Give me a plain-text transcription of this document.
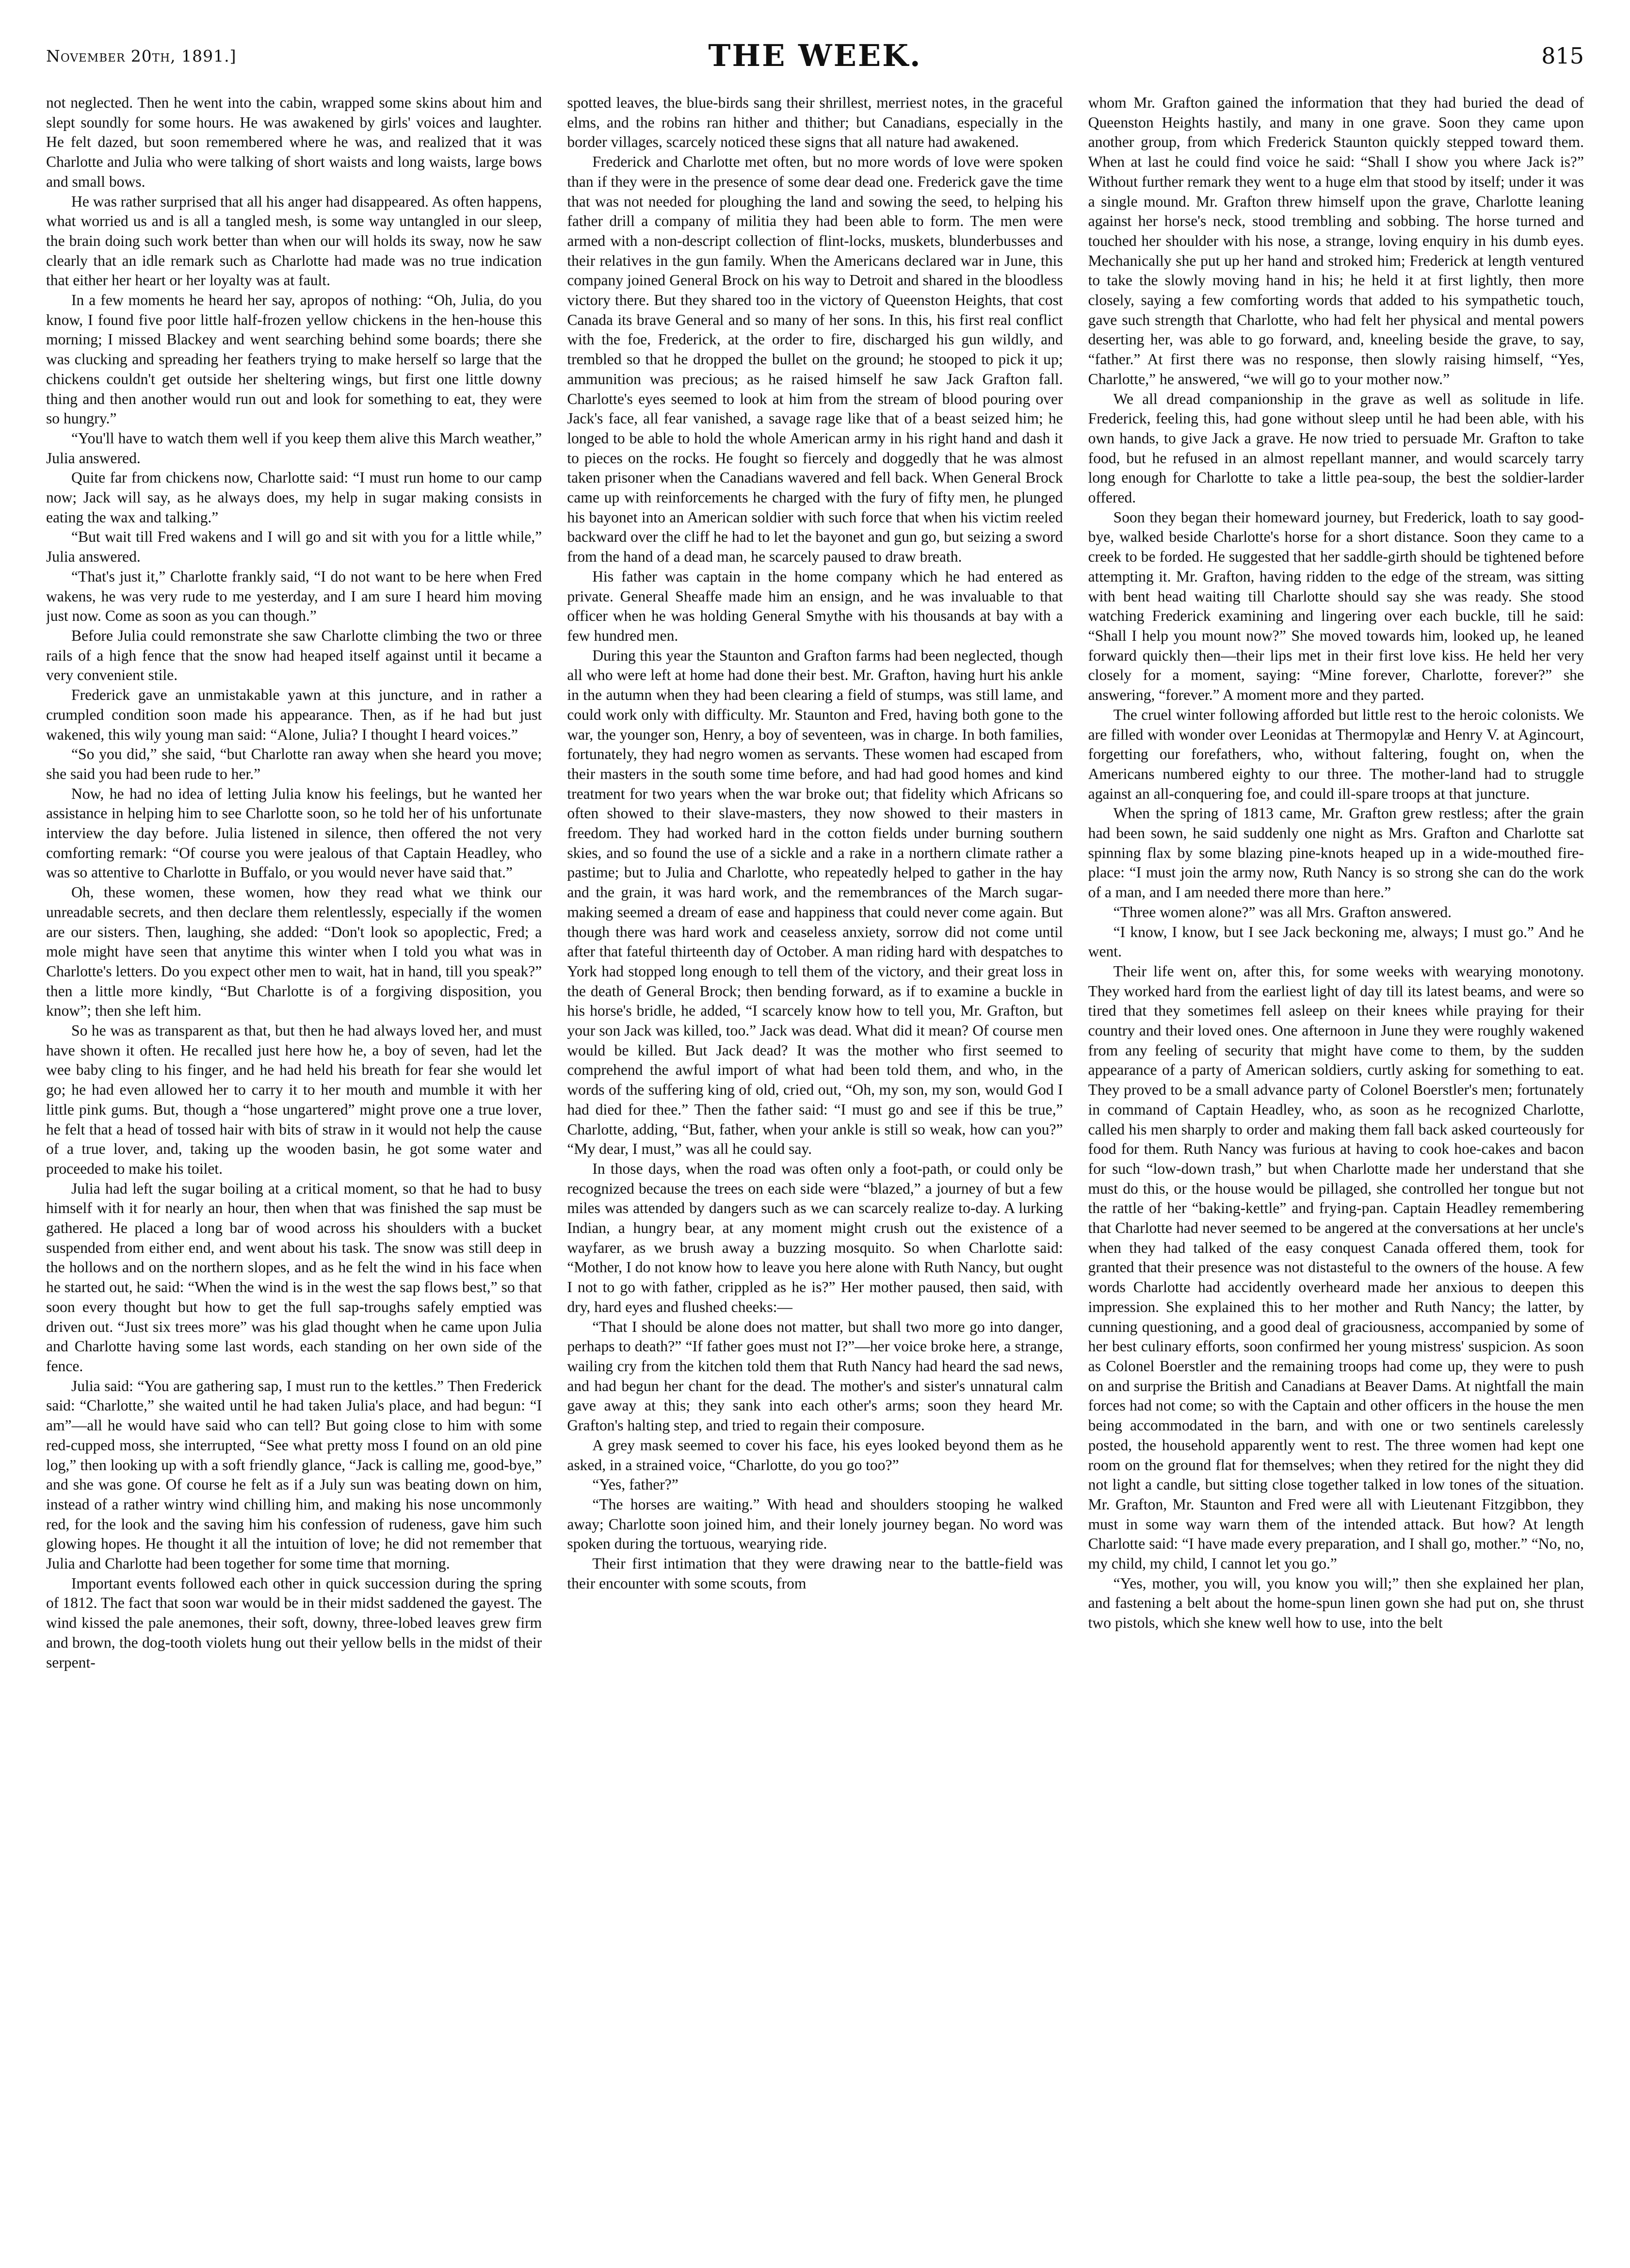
November 20th, 1891.]	THE WEEK.	815

not neglected. Then he went into the cabin, wrapped some skins about him and slept soundly for some hours. He was awakened by girls' voices and laughter. He felt dazed, but soon remembered where he was, and realized that it was Charlotte and Julia who were talking of short waists and long waists, large bows and small bows.

He was rather surprised that all his anger had disappeared. As often happens, what worried us and is all a tangled mesh, is some way untangled in our sleep, the brain doing such work better than when our will holds its sway, now he saw clearly that an idle remark such as Charlotte had made was no true indication that either her heart or her loyalty was at fault.

In a few moments he heard her say, apropos of nothing: “Oh, Julia, do you know, I found five poor little half-frozen yellow chickens in the hen-house this morning; I missed Blackey and went searching behind some boards; there she was clucking and spreading her feathers trying to make herself so large that the chickens couldn't get outside her sheltering wings, but first one little downy thing and then another would run out and look for something to eat, they were so hungry.”

“You'll have to watch them well if you keep them alive this March weather,” Julia answered.

Quite far from chickens now, Charlotte said: “I must run home to our camp now; Jack will say, as he always does, my help in sugar making consists in eating the wax and talking.”

“But wait till Fred wakens and I will go and sit with you for a little while,” Julia answered.

“That's just it,” Charlotte frankly said, “I do not want to be here when Fred wakens, he was very rude to me yesterday, and I am sure I heard him moving just now. Come as soon as you can though.”

Before Julia could remonstrate she saw Charlotte climbing the two or three rails of a high fence that the snow had heaped itself against until it became a very convenient stile.

Frederick gave an unmistakable yawn at this juncture, and in rather a crumpled condition soon made his appearance. Then, as if he had but just wakened, this wily young man said: “Alone, Julia? I thought I heard voices.”

“So you did,” she said, “but Charlotte ran away when she heard you move; she said you had been rude to her.”

Now, he had no idea of letting Julia know his feelings, but he wanted her assistance in helping him to see Charlotte soon, so he told her of his unfortunate interview the day before. Julia listened in silence, then offered the not very comforting remark: “Of course you were jealous of that Captain Headley, who was so attentive to Charlotte in Buffalo, or you would never have said that.”

Oh, these women, these women, how they read what we think our unreadable secrets, and then declare them relentlessly, especially if the women are our sisters. Then, laughing, she added: “Don't look so apoplectic, Fred; a mole might have seen that anytime this winter when I told you what was in Charlotte's letters. Do you expect other men to wait, hat in hand, till you speak?” then a little more kindly, “But Charlotte is of a forgiving disposition, you know”; then she left him.

So he was as transparent as that, but then he had always loved her, and must have shown it often. He recalled just here how he, a boy of seven, had let the wee baby cling to his finger, and he had held his breath for fear she would let go; he had even allowed her to carry it to her mouth and mumble it with her little pink gums. But, though a “hose ungartered” might prove one a true lover, he felt that a head of tossed hair with bits of straw in it would not help the cause of a true lover, and, taking up the wooden basin, he got some water and proceeded to make his toilet.

Julia had left the sugar boiling at a critical moment, so that he had to busy himself with it for nearly an hour, then when that was finished the sap must be gathered. He placed a long bar of wood across his shoulders with a bucket suspended from either end, and went about his task. The snow was still deep in the hollows and on the northern slopes, and as he felt the wind in his face when he started out, he said: “When the wind is in the west the sap flows best,” so that soon every thought but how to get the full sap-troughs safely emptied was driven out. “Just six trees more” was his glad thought when he came upon Julia and Charlotte having some last words, each standing on her own side of the fence.

Julia said: “You are gathering sap, I must run to the kettles.” Then Frederick said: “Charlotte,” she waited until he had taken Julia's place, and had begun: “I am”—all he would have said who can tell? But going close to him with some red-cupped moss, she interrupted, “See what pretty moss I found on an old pine log,” then looking up with a soft friendly glance, “Jack is calling me, good-bye,” and she was gone. Of course he felt as if a July sun was beating down on him, instead of a rather wintry wind chilling him, and making his nose uncommonly red, for the look and the saving him his confession of rudeness, gave him such glowing hopes. He thought it all the intuition of love; he did not remember that Julia and Charlotte had been together for some time that morning.

Important events followed each other in quick succession during the spring of 1812. The fact that soon war would be in their midst saddened the gayest. The wind kissed the pale anemones, their soft, downy, three-lobed leaves grew firm and brown, the dog-tooth violets hung out their yellow bells in the midst of their serpent-

spotted leaves, the blue-birds sang their shrillest, merriest notes, in the graceful elms, and the robins ran hither and thither; but Canadians, especially in the border villages, scarcely noticed these signs that all nature had awakened.

Frederick and Charlotte met often, but no more words of love were spoken than if they were in the presence of some dear dead one. Frederick gave the time that was not needed for ploughing the land and sowing the seed, to helping his father drill a company of militia they had been able to form. The men were armed with a non-descript collection of flint-locks, muskets, blunderbusses and their relatives in the gun family. When the Americans declared war in June, this company joined General Brock on his way to Detroit and shared in the bloodless victory there. But they shared too in the victory of Queenston Heights, that cost Canada its brave General and so many of her sons. In this, his first real conflict with the foe, Frederick, at the order to fire, discharged his gun wildly, and trembled so that he dropped the bullet on the ground; he stooped to pick it up; ammunition was precious; as he raised himself he saw Jack Grafton fall. Charlotte's eyes seemed to look at him from the stream of blood pouring over Jack's face, all fear vanished, a savage rage like that of a beast seized him; he longed to be able to hold the whole American army in his right hand and dash it to pieces on the rocks. He fought so fiercely and doggedly that he was almost taken prisoner when the Canadians wavered and fell back. When General Brock came up with reinforcements he charged with the fury of fifty men, he plunged his bayonet into an American soldier with such force that when his victim reeled backward over the cliff he had to let the bayonet and gun go, but seizing a sword from the hand of a dead man, he scarcely paused to draw breath.

His father was captain in the home company which he had entered as private. General Sheaffe made him an ensign, and he was invaluable to that officer when he was holding General Smythe with his thousands at bay with a few hundred men.

During this year the Staunton and Grafton farms had been neglected, though all who were left at home had done their best. Mr. Grafton, having hurt his ankle in the autumn when they had been clearing a field of stumps, was still lame, and could work only with difficulty. Mr. Staunton and Fred, having both gone to the war, the younger son, Henry, a boy of seventeen, was in charge. In both families, fortunately, they had negro women as servants. These women had escaped from their masters in the south some time before, and had had good homes and kind treatment for two years when the war broke out; that fidelity which Africans so often showed to their slave-masters, they now showed to their masters in freedom. They had worked hard in the cotton fields under burning southern skies, and so found the use of a sickle and a rake in a northern climate rather a pastime; but to Julia and Charlotte, who repeatedly helped to gather in the hay and the grain, it was hard work, and the remembrances of the March sugar-making seemed a dream of ease and happiness that could never come again. But though there was hard work and ceaseless anxiety, sorrow did not come until after that fateful thirteenth day of October. A man riding hard with despatches to York had stopped long enough to tell them of the victory, and their great loss in the death of General Brock; then bending forward, as if to examine a buckle in his horse's bridle, he added, “I scarcely know how to tell you, Mr. Grafton, but your son Jack was killed, too.” Jack was dead. What did it mean? Of course men would be killed. But Jack dead? It was the mother who first seemed to comprehend the awful import of what had been told them, and who, in the words of the suffering king of old, cried out, “Oh, my son, my son, would God I had died for thee.” Then the father said: “I must go and see if this be true,” Charlotte, adding, “But, father, when your ankle is still so weak, how can you?” “My dear, I must,” was all he could say.

In those days, when the road was often only a foot-path, or could only be recognized because the trees on each side were “blazed,” a journey of but a few miles was attended by dangers such as we can scarcely realize to-day. A lurking Indian, a hungry bear, at any moment might crush out the existence of a wayfarer, as we brush away a buzzing mosquito. So when Charlotte said: “Mother, I do not know how to leave you here alone with Ruth Nancy, but ought I not to go with father, crippled as he is?” Her mother paused, then said, with dry, hard eyes and flushed cheeks:—

“That I should be alone does not matter, but shall two more go into danger, perhaps to death?” “If father goes must not I?”—her voice broke here, a strange, wailing cry from the kitchen told them that Ruth Nancy had heard the sad news, and had begun her chant for the dead. The mother's and sister's unnatural calm gave away at this; they sank into each other's arms; soon they heard Mr. Grafton's halting step, and tried to regain their composure.

A grey mask seemed to cover his face, his eyes looked beyond them as he asked, in a strained voice, “Charlotte, do you go too?”

“Yes, father?”

“The horses are waiting.” With head and shoulders stooping he walked away; Charlotte soon joined him, and their lonely journey began. No word was spoken during the tortuous, wearying ride.

Their first intimation that they were drawing near to the battle-field was their encounter with some scouts, from

whom Mr. Grafton gained the information that they had buried the dead of Queenston Heights hastily, and many in one grave. Soon they came upon another group, from which Frederick Staunton quickly stepped toward them. When at last he could find voice he said: “Shall I show you where Jack is?” Without further remark they went to a huge elm that stood by itself; under it was a single mound. Mr. Grafton threw himself upon the grave, Charlotte leaning against her horse's neck, stood trembling and sobbing. The horse turned and touched her shoulder with his nose, a strange, loving enquiry in his dumb eyes. Mechanically she put up her hand and stroked him; Frederick at length ventured to take the slowly moving hand in his; he held it at first lightly, then more closely, saying a few comforting words that added to his sympathetic touch, gave such strength that Charlotte, who had felt her physical and mental powers deserting her, was able to go forward, and, kneeling beside the grave, to say, “father.” At first there was no response, then slowly raising himself, “Yes, Charlotte,” he answered, “we will go to your mother now.”

We all dread companionship in the grave as well as solitude in life. Frederick, feeling this, had gone without sleep until he had been able, with his own hands, to give Jack a grave. He now tried to persuade Mr. Grafton to take food, but he refused in an almost repellant manner, and would scarcely tarry long enough for Charlotte to take a little pea-soup, the best the soldier-larder offered.

Soon they began their homeward journey, but Frederick, loath to say good-bye, walked beside Charlotte's horse for a short distance. Soon they came to a creek to be forded. He suggested that her saddle-girth should be tightened before attempting it. Mr. Grafton, having ridden to the edge of the stream, was sitting with bent head waiting till Charlotte should say she was ready. She stood watching Frederick examining and lingering over each buckle, till he said: “Shall I help you mount now?” She moved towards him, looked up, he leaned forward quickly then—their lips met in their first love kiss. He held her very closely for a moment, saying: “Mine forever, Charlotte, forever?” she answering, “forever.” A moment more and they parted.

The cruel winter following afforded but little rest to the heroic colonists. We are filled with wonder over Leonidas at Thermopylæ and Henry V. at Agincourt, forgetting our forefathers, who, without faltering, fought on, when the Americans numbered eighty to our three. The mother-land had to struggle against an all-conquering foe, and could ill-spare troops at that juncture.

When the spring of 1813 came, Mr. Grafton grew restless; after the grain had been sown, he said suddenly one night as Mrs. Grafton and Charlotte sat spinning flax by some blazing pine-knots heaped up in a wide-mouthed fire-place: “I must join the army now, Ruth Nancy is so strong she can do the work of a man, and I am needed there more than here.”

“Three women alone?” was all Mrs. Grafton answered.

“I know, I know, but I see Jack beckoning me, always; I must go.” And he went.

Their life went on, after this, for some weeks with wearying monotony. They worked hard from the earliest light of day till its latest beams, and were so tired that they sometimes fell asleep on their knees while praying for their country and their loved ones. One afternoon in June they were roughly wakened from any feeling of security that might have come to them, by the sudden appearance of a party of American soldiers, curtly asking for something to eat. They proved to be a small advance party of Colonel Boerstler's men; fortunately in command of Captain Headley, who, as soon as he recognized Charlotte, called his men sharply to order and making them fall back asked courteously for food for them. Ruth Nancy was furious at having to cook hoe-cakes and bacon for such “low-down trash,” but when Charlotte made her understand that she must do this, or the house would be pillaged, she controlled her tongue but not the rattle of her “baking-kettle” and frying-pan. Captain Headley remembering that Charlotte had never seemed to be angered at the conversations at her uncle's when they had talked of the easy conquest Canada offered them, took for granted that their presence was not distasteful to the owners of the house. A few words Charlotte had accidently overheard made her anxious to deepen this impression. She explained this to her mother and Ruth Nancy; the latter, by cunning questioning, and a good deal of graciousness, accompanied by some of her best culinary efforts, soon confirmed her young mistress' suspicion. As soon as Colonel Boerstler and the remaining troops had come up, they were to push on and surprise the British and Canadians at Beaver Dams. At nightfall the main forces had not come; so with the Captain and other officers in the house the men being accommodated in the barn, and with one or two sentinels carelessly posted, the household apparently went to rest. The three women had kept one room on the ground flat for themselves; when they retired for the night they did not light a candle, but sitting close together talked in low tones of the situation. Mr. Grafton, Mr. Staunton and Fred were all with Lieutenant Fitzgibbon, they must in some way warn them of the intended attack. But how? At length Charlotte said: “I have made every preparation, and I shall go, mother.” “No, no, my child, my child, I cannot let you go.”

“Yes, mother, you will, you know you will;” then she explained her plan, and fastening a belt about the home-spun linen gown she had put on, she thrust two pistols, which she knew well how to use, into the belt
